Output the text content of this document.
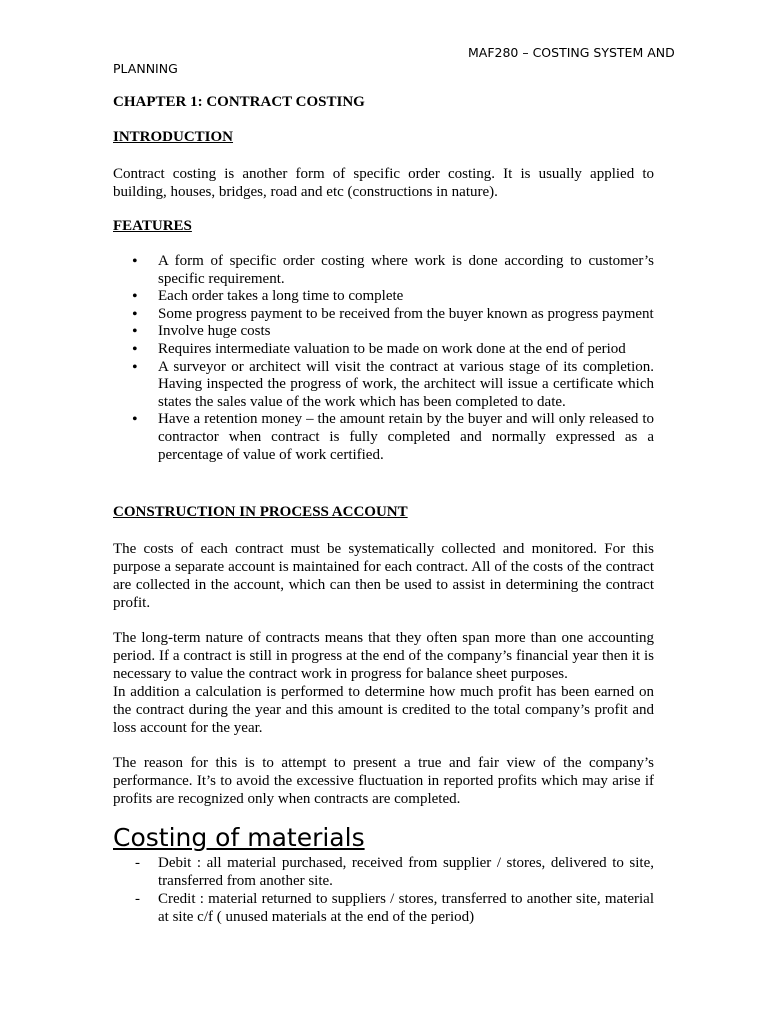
MAF280 – COSTING SYSTEM AND
PLANNING
CHAPTER 1: CONTRACT COSTING
INTRODUCTION
Contract costing is another form of specific order costing. It is usually applied to building, houses, bridges, road and etc (constructions in nature).
FEATURES
• A form of specific order costing where work is done according to customer’s specific requirement.
• Each order takes a long time to complete
• Some progress payment to be received from the buyer known as progress payment
• Involve huge costs
• Requires intermediate valuation to be made on work done at the end of period
• A surveyor or architect will visit the contract at various stage of its completion. Having inspected the progress of work, the architect will issue a certificate which states the sales value of the work which has been completed to date.
• Have a retention money – the amount retain by the buyer and will only released to contractor when contract is fully completed and normally expressed as a percentage of value of work certified.
CONSTRUCTION IN PROCESS ACCOUNT
The costs of each contract must be systematically collected and monitored. For this purpose a separate account is maintained for each contract. All of the costs of the contract are collected in the account, which can then be used to assist in determining the contract profit.
The long-term nature of contracts means that they often span more than one accounting period. If a contract is still in progress at the end of the company’s financial year then it is necessary to value the contract work in progress for balance sheet purposes.
In addition a calculation is performed to determine how much profit has been earned on the contract during the year and this amount is credited to the total company’s profit and loss account for the year.
The reason for this is to attempt to present a true and fair view of the company’s performance. It’s to avoid the excessive fluctuation in reported profits which may arise if profits are recognized only when contracts are completed.
Costing of materials
- Debit : all material purchased, received from supplier / stores, delivered to site, transferred from another site.
- Credit : material returned to suppliers / stores, transferred to another site, material at site c/f ( unused materials at the end of the period)
